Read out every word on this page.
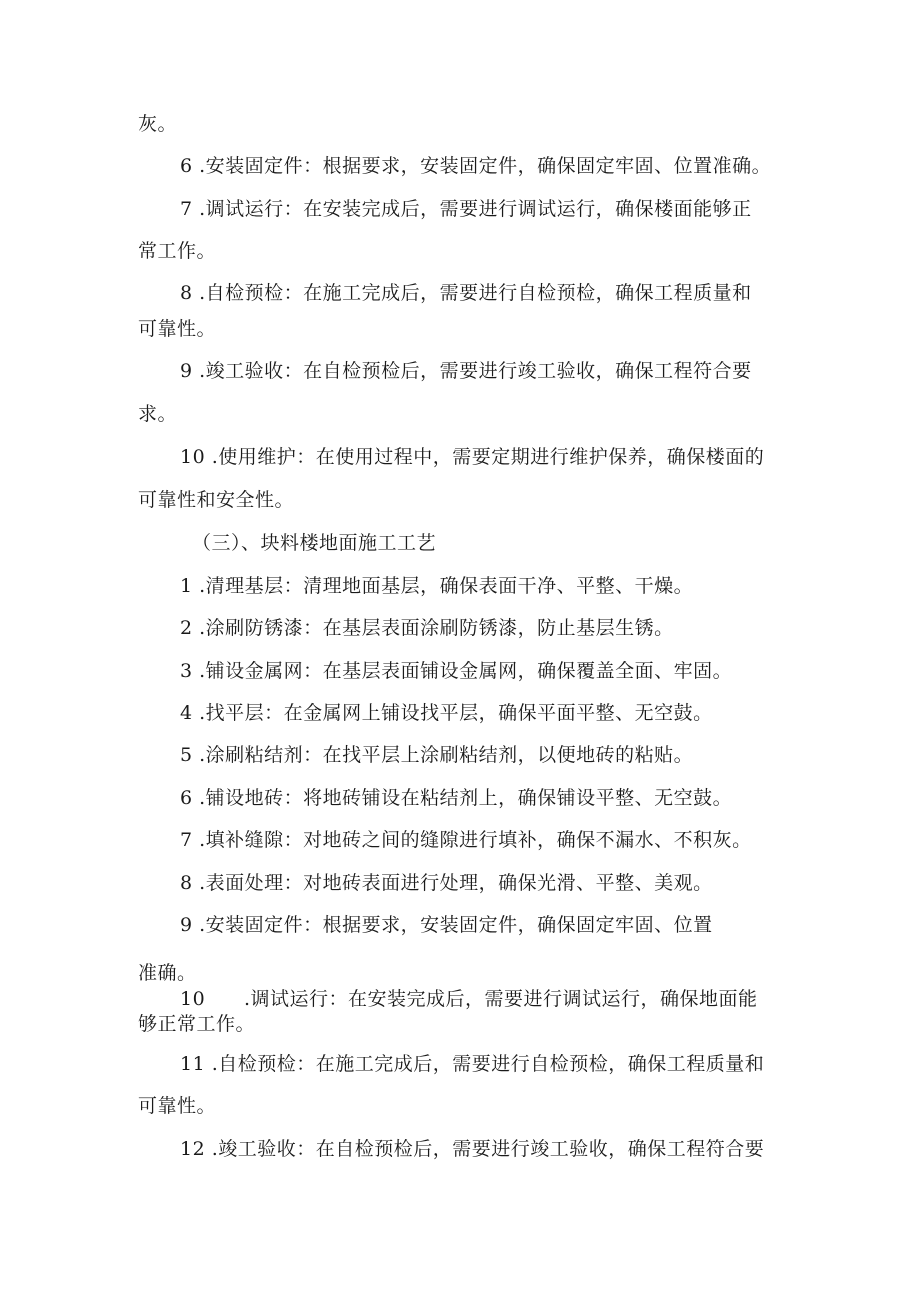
灰。
6 .安装固定件：根据要求，安装固定件，确保固定牢固、位置准确。
7 .调试运行：在安装完成后，需要进行调试运行，确保楼面能够正
常工作。
8 .自检预检：在施工完成后，需要进行自检预检，确保工程质量和
可靠性。
9 .竣工验收：在自检预检后，需要进行竣工验收，确保工程符合要
求。
10 .使用维护：在使用过程中，需要定期进行维护保养，确保楼面的
可靠性和安全性。
（三）、块料楼地面施工工艺
1 .清理基层：清理地面基层，确保表面干净、平整、干燥。
2 .涂刷防锈漆：在基层表面涂刷防锈漆，防止基层生锈。
3 .铺设金属网：在基层表面铺设金属网，确保覆盖全面、牢固。
4 .找平层：在金属网上铺设找平层，确保平面平整、无空鼓。
5 .涂刷粘结剂：在找平层上涂刷粘结剂，以便地砖的粘贴。
6 .铺设地砖：将地砖铺设在粘结剂上，确保铺设平整、无空鼓。
7 .填补缝隙：对地砖之间的缝隙进行填补，确保不漏水、不积灰。
8 .表面处理：对地砖表面进行处理，确保光滑、平整、美观。
9 .安装固定件：根据要求，安装固定件，确保固定牢固、位置
准确。
10 .调试运行：在安装完成后，需要进行调试运行，确保地面能
够正常工作。
11 .自检预检：在施工完成后，需要进行自检预检，确保工程质量和
可靠性。
12 .竣工验收：在自检预检后，需要进行竣工验收，确保工程符合要
